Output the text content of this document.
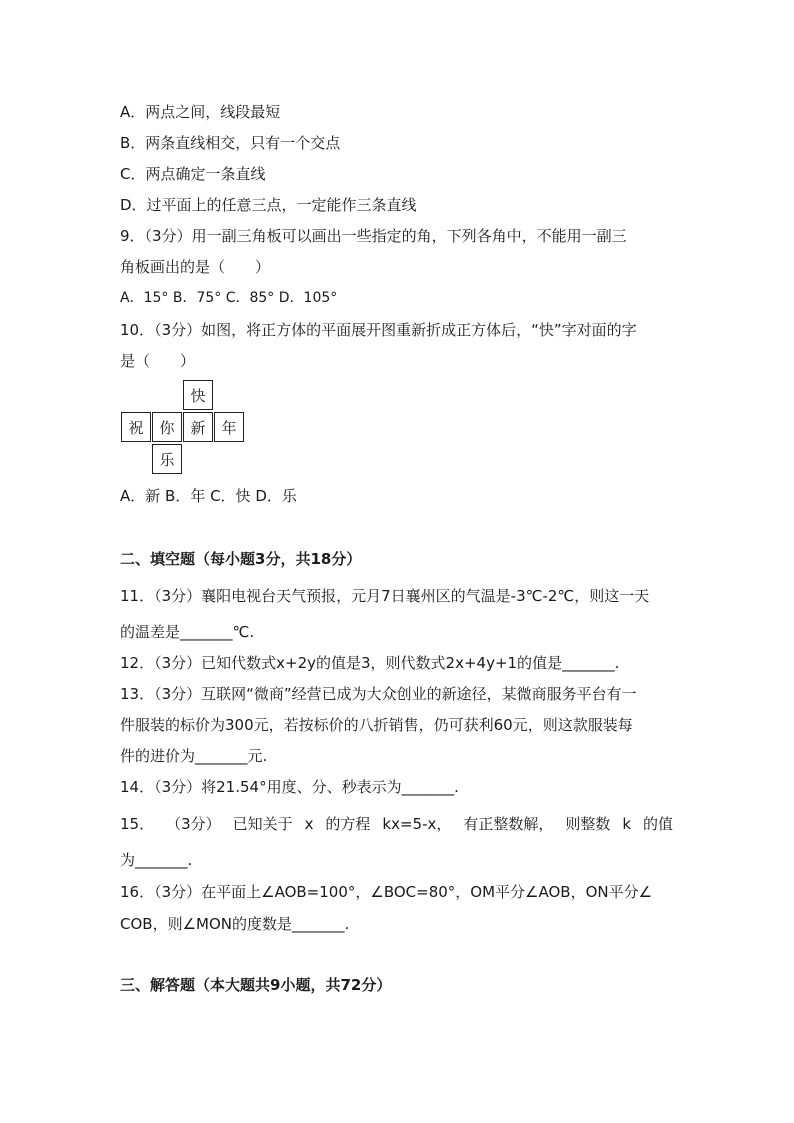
A．两点之间，线段最短
B．两条直线相交，只有一个交点
C．两点确定一条直线
D．过平面上的任意三点，一定能作三条直线
9．（3分）用一副三角板可以画出一些指定的角，下列各角中，不能用一副三
角板画出的是（　　）
A．15° B．75° C．85° D．105°
10．（3分）如图，将正方体的平面展开图重新折成正方体后，“快”字对面的字
是（　　）
快
祝	你	新	年
乐
A．新 B．年 C．快 D．乐
二、填空题（每小题3分，共18分）
11．（3分）襄阳电视台天气预报，元月7日襄州区的气温是-3℃-2℃，则这一天
的温差是_______℃.
12．（3分）已知代数式x+2y的值是3，则代数式2x+4y+1的值是_______.
13．（3分）互联网“微商”经营已成为大众创业的新途径，某微商服务平台有一
件服装的标价为300元，若按标价的八折销售，仍可获利60元，则这款服装每
件的进价为_______元.
14．（3分）将21.54°用度、分、秒表示为_______.
15． （3分） 已知关于 x 的方程 kx=5-x， 有正整数解， 则整数 k 的值
为_______.
16．（3分）在平面上∠AOB=100°，∠BOC=80°，OM平分∠AOB，ON平分∠
COB，则∠MON的度数是_______.
三、解答题（本大题共9小题，共72分）
